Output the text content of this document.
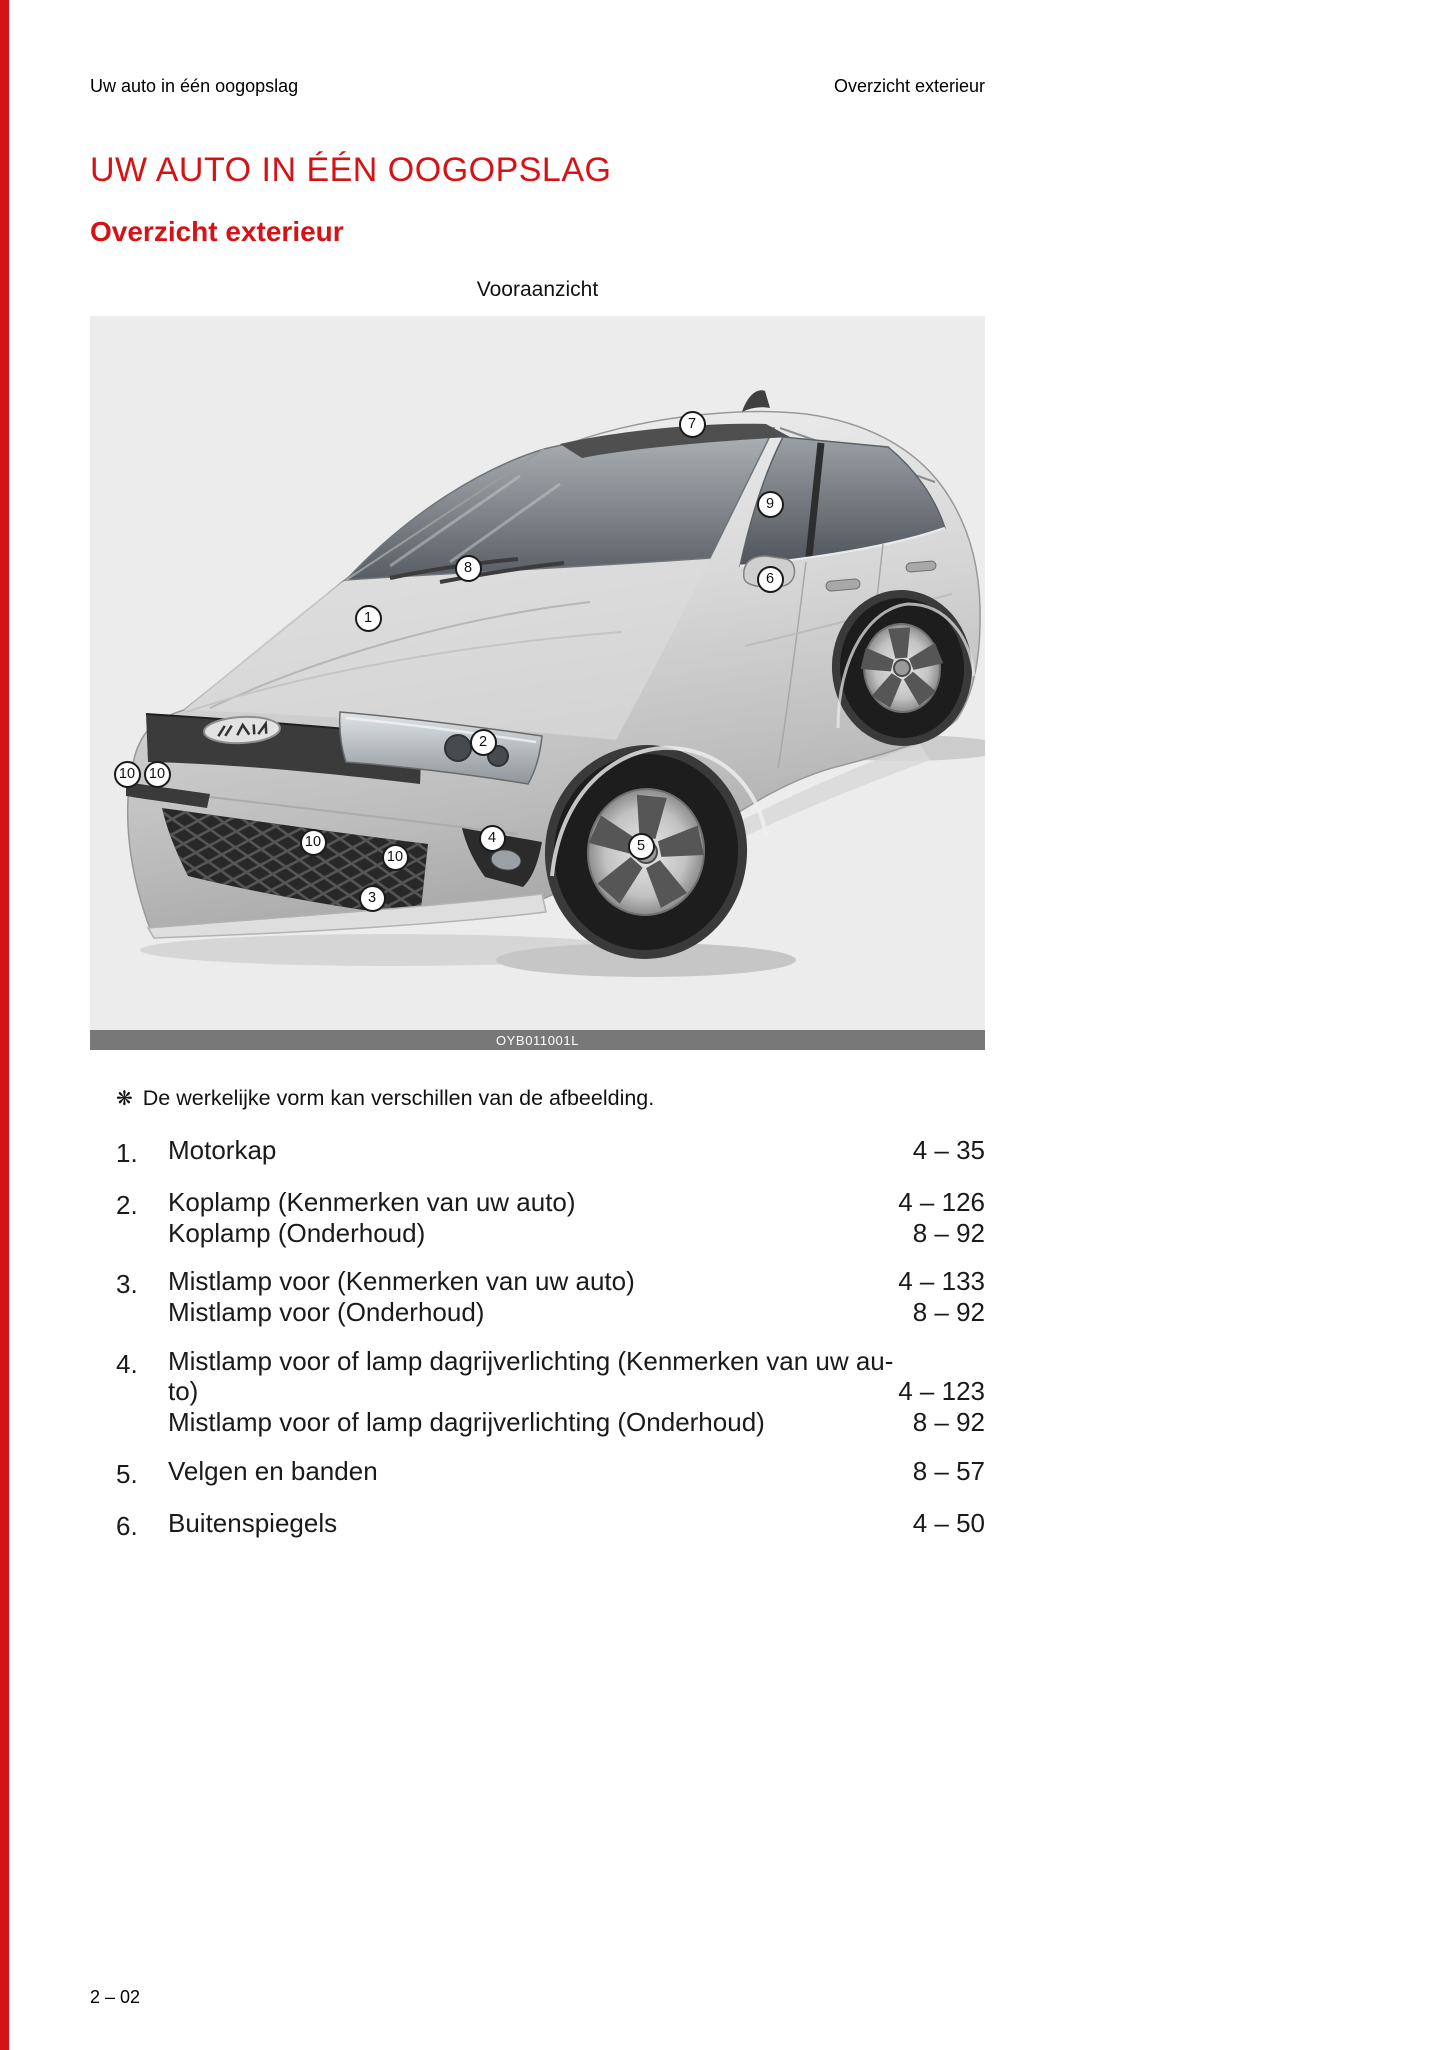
Uw auto in één oogopslag	Overzicht exterieur
UW AUTO IN ÉÉN OOGOPSLAG
Overzicht exterieur
Vooraanzicht
7
9
8
6
1
2
10 10
4
10	5
10
3
OYB011001L
❋ De werkelijke vorm kan verschillen van de afbeelding.
1.	Motorkap	4 – 35
2.	Koplamp (Kenmerken van uw auto)	4 – 126
Koplamp (Onderhoud)	8 – 92
3.	Mistlamp voor (Kenmerken van uw auto)	4 – 133
Mistlamp voor (Onderhoud)	8 – 92
4.	Mistlamp voor of lamp dagrijverlichting (Kenmerken van uw au-
to)	4 – 123
Mistlamp voor of lamp dagrijverlichting (Onderhoud)	8 – 92
5.	Velgen en banden	8 – 57
6.	Buitenspiegels	4 – 50
2 – 02
